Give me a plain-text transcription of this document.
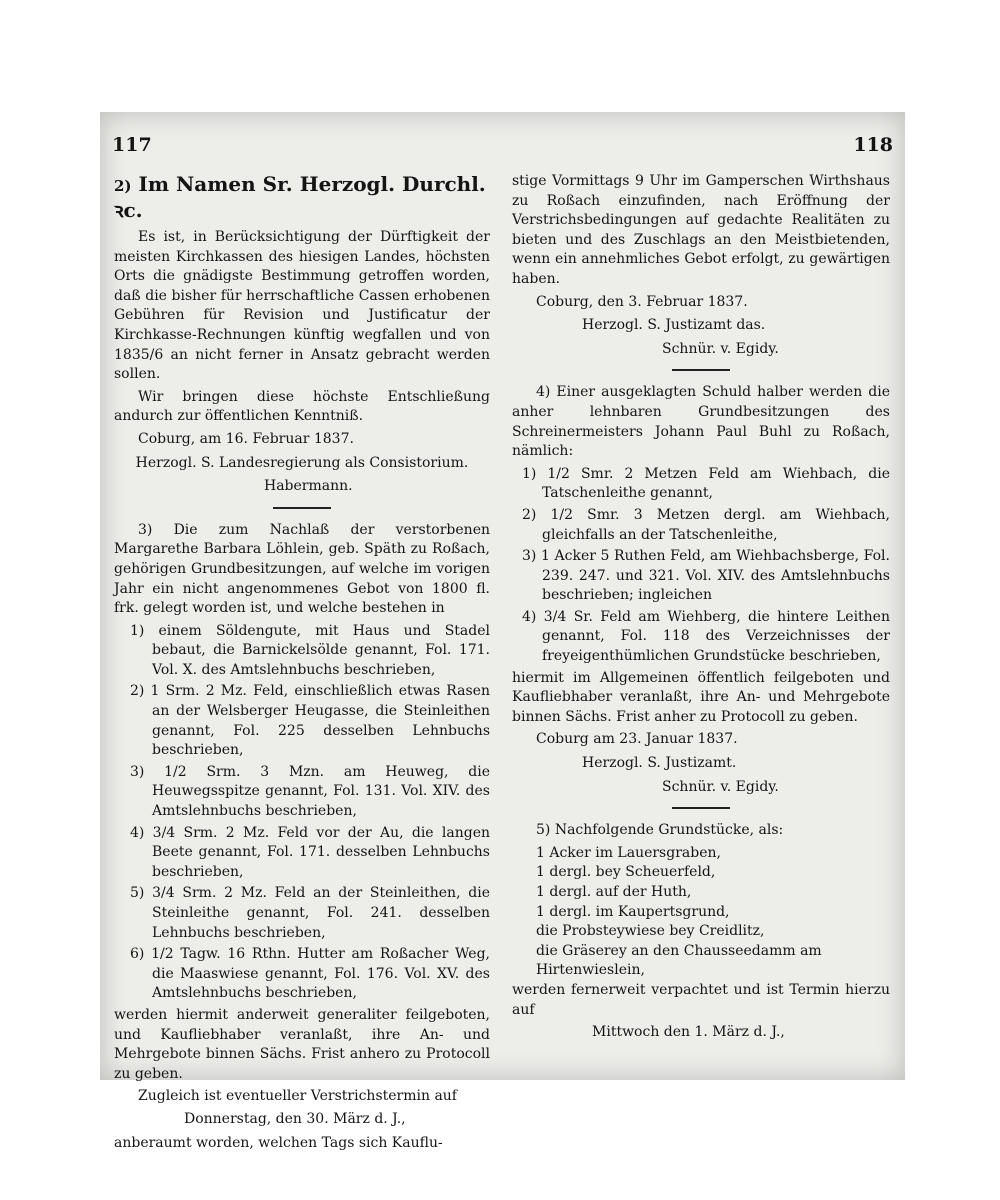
117	118
2) Im Namen Sr. Herzogl. Durchl. ꝛc.

Es ist, in Berücksichtigung der Dürftigkeit der meisten Kirchkassen des hiesigen Landes, höchsten Orts die gnädigste Bestimmung getroffen worden, daß die bisher für herrschaftliche Cassen erhobenen Gebühren für Revision und Justificatur der Kirchkasse-Rechnungen künftig wegfallen und von 1835/6 an nicht ferner in Ansatz gebracht werden sollen.

Wir bringen diese höchste Entschließung andurch zur öffentlichen Kenntniß.

Coburg, am 16. Februar 1837.

Herzogl. S. Landesregierung als Consistorium.

Habermann.

3) Die zum Nachlaß der verstorbenen Margarethe Barbara Löhlein, geb. Späth zu Roßach, gehörigen Grundbesitzungen, auf welche im vorigen Jahr ein nicht angenommenes Gebot von 1800 fl. frk. gelegt worden ist, und welche bestehen in

1) einem Söldengute, mit Haus und Stadel bebaut, die Barnickelsölde genannt, Fol. 171. Vol. X. des Amtslehnbuchs beschrieben,

2) 1 Srm. 2 Mz. Feld, einschließlich etwas Rasen an der Welsberger Heugasse, die Steinleithen genannt, Fol. 225 desselben Lehnbuchs beschrieben,

3) 1/2 Srm. 3 Mzn. am Heuweg, die Heuwegsspitze genannt, Fol. 131. Vol. XIV. des Amtslehnbuchs beschrieben,

4) 3/4 Srm. 2 Mz. Feld vor der Au, die langen Beete genannt, Fol. 171. desselben Lehnbuchs beschrieben,

5) 3/4 Srm. 2 Mz. Feld an der Steinleithen, die Steinleithe genannt, Fol. 241. desselben Lehnbuchs beschrieben,

6) 1/2 Tagw. 16 Rthn. Hutter am Roßacher Weg, die Maaswiese genannt, Fol. 176. Vol. XV. des Amtslehnbuchs beschrieben,

werden hiermit anderweit generaliter feilgeboten, und Kaufliebhaber veranlaßt, ihre An- und Mehrgebote binnen Sächs. Frist anhero zu Protocoll zu geben.

Zugleich ist eventueller Verstrichstermin auf

Donnerstag, den 30. März d. J.,

anberaumt worden, welchen Tags sich Kauflu-

stige Vormittags 9 Uhr im Gamperschen Wirthshaus zu Roßach einzufinden, nach Eröffnung der Verstrichsbedingungen auf gedachte Realitäten zu bieten und des Zuschlags an den Meistbietenden, wenn ein annehmliches Gebot erfolgt, zu gewärtigen haben.

Coburg, den 3. Februar 1837.

Herzogl. S. Justizamt das.

Schnür. v. Egidy.

4) Einer ausgeklagten Schuld halber werden die anher lehnbaren Grundbesitzungen des Schreinermeisters Johann Paul Buhl zu Roßach, nämlich:

1) 1/2 Smr. 2 Metzen Feld am Wiehbach, die Tatschenleithe genannt,

2) 1/2 Smr. 3 Metzen dergl. am Wiehbach, gleichfalls an der Tatschenleithe,

3) 1 Acker 5 Ruthen Feld, am Wiehbachsberge, Fol. 239. 247. und 321. Vol. XIV. des Amtslehnbuchs beschrieben; ingleichen

4) 3/4 Sr. Feld am Wiehberg, die hintere Leithen genannt, Fol. 118 des Verzeichnisses der freyeigenthümlichen Grundstücke beschrieben,

hiermit im Allgemeinen öffentlich feilgeboten und Kaufliebhaber veranlaßt, ihre An- und Mehrgebote binnen Sächs. Frist anher zu Protocoll zu geben.

Coburg am 23. Januar 1837.

Herzogl. S. Justizamt.

Schnür. v. Egidy.

5) Nachfolgende Grundstücke, als:

1 Acker im Lauersgraben,

1 dergl. bey Scheuerfeld,

1 dergl. auf der Huth,

1 dergl. im Kaupertsgrund,

die Probsteywiese bey Creidlitz,

die Gräserey an den Chausseedamm am Hirtenwieslein,

werden fernerweit verpachtet und ist Termin hierzu auf

Mittwoch den 1. März d. J.,
